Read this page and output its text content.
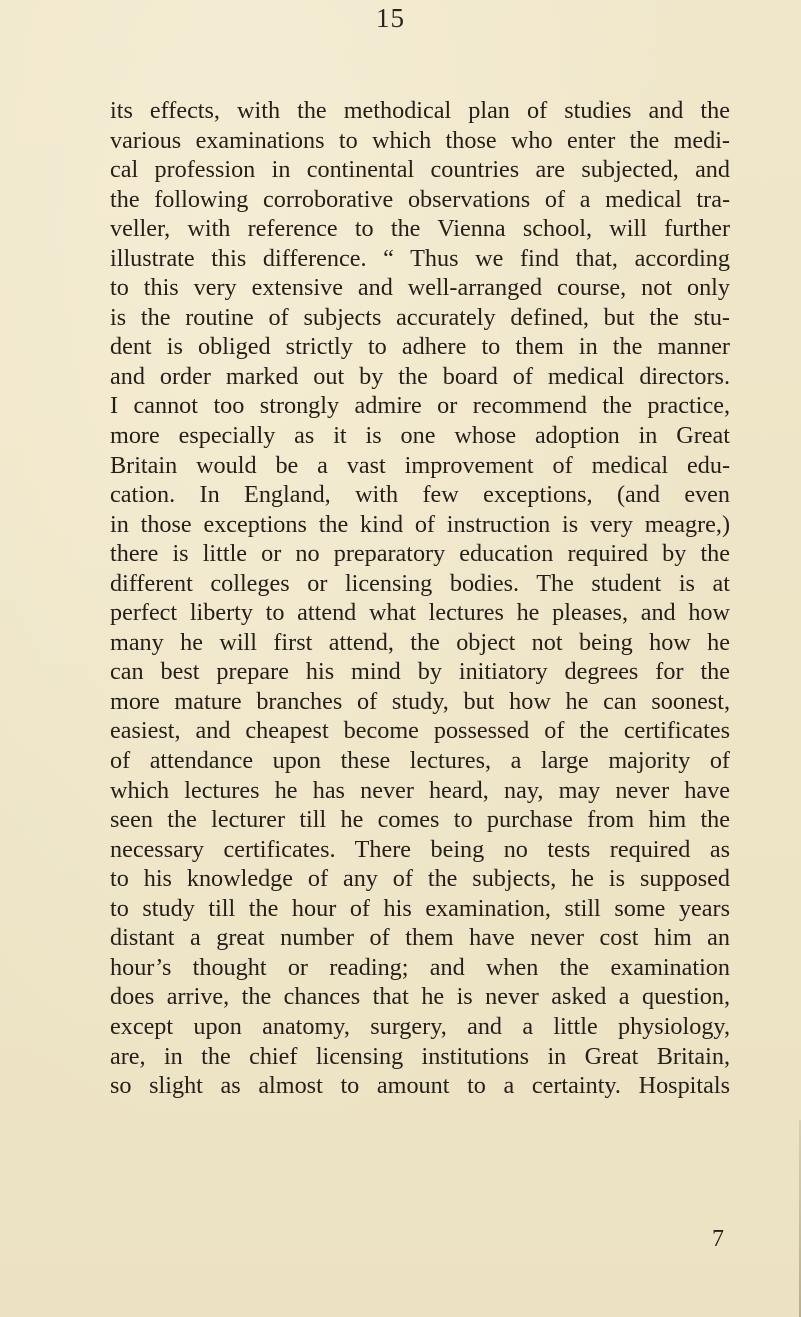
15
its effects, with the methodical plan of studies and the
various examinations to which those who enter the medi-
cal profession in continental countries are subjected, and
the following corroborative observations of a medical tra-
veller, with reference to the Vienna school, will further
illustrate this difference. “ Thus we find that, according
to this very extensive and well-arranged course, not only
is the routine of subjects accurately defined, but the stu-
dent is obliged strictly to adhere to them in the manner
and order marked out by the board of medical directors.
I cannot too strongly admire or recommend the practice,
more especially as it is one whose adoption in Great
Britain would be a vast improvement of medical edu-
cation. In England, with few exceptions, (and even
in those exceptions the kind of instruction is very meagre,)
there is little or no preparatory education required by the
different colleges or licensing bodies. The student is at
perfect liberty to attend what lectures he pleases, and how
many he will first attend, the object not being how he
can best prepare his mind by initiatory degrees for the
more mature branches of study, but how he can soonest,
easiest, and cheapest become possessed of the certificates
of attendance upon these lectures, a large majority of
which lectures he has never heard, nay, may never have
seen the lecturer till he comes to purchase from him the
necessary certificates. There being no tests required as
to his knowledge of any of the subjects, he is supposed
to study till the hour of his examination, still some years
distant a great number of them have never cost him an
hour’s thought or reading; and when the examination
does arrive, the chances that he is never asked a question,
except upon anatomy, surgery, and a little physiology,
are, in the chief licensing institutions in Great Britain,
so slight as almost to amount to a certainty. Hospitals
7
